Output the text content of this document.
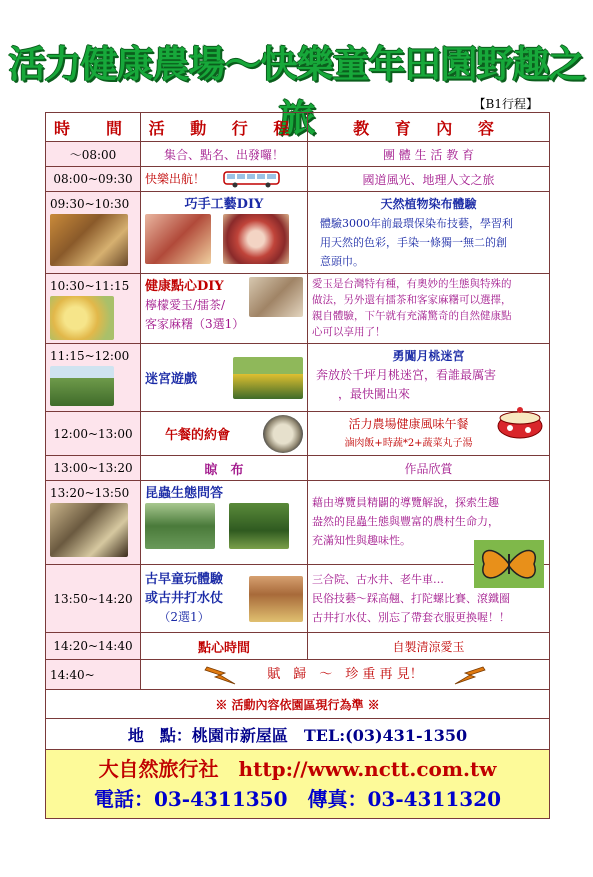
活力健康農場～快樂童年田園野趣之旅	【B1行程】
時　間	活 動 行 程	教 育 內 容
～08:00	集合、點名、出發囉！	團 體 生 活 教 育
08:00~09:30	快樂出航！	國道風光、地理人文之旅

09:30~10:30	巧手工藝DIY	天然植物染布體驗
體驗3000年前最環保染布技藝，學習利
用天然的色彩，手染一條獨一無二的創
意頭巾。

10:30~11:15	健康點心DIY
檸檬愛玉/擂茶/
客家麻糬（3選1）	愛玉是台灣特有種，有奧妙的生態與特殊的
做法，另外還有擂茶和客家麻糬可以選擇，
親自體驗，下午就有充滿驚奇的自然健康點
心可以享用了！

11:15~12:00	迷宮遊戲	勇闖月桃迷宮
奔放於千坪月桃迷宮，看誰最厲害
，最快闖出來

12:00~13:00	午餐的約會	活力農場健康風味午餐
滷肉飯+時蔬*2+蔬菜丸子湯

13:00~13:20	晾　布	作品欣賞

13:20~13:50	昆蟲生態問答	藉由導覽員精闢的導覽解說，探索生趣
盎然的昆蟲生態與豐富的農村生命力，
充滿知性與趣味性。

13:50~14:20	古早童玩體驗
或古井打水仗
（2選1）	三合院、古水井、老牛車…
民俗技藝～踩高翹、打陀螺比賽、滾鐵圈
古井打水仗、別忘了帶套衣服更換喔！！

14:20~14:40	點心時間	自製清涼愛玉
14:40~	賦　歸　～　珍 重 再 見！	
※ 活動內容依園區現行為準 ※		
地　點：桃園市新屋區　TEL:(03)431-1350		

大自然旅行社　http://www.nctt.com.tw
電話：03-4311350　傳真：03-4311320		
